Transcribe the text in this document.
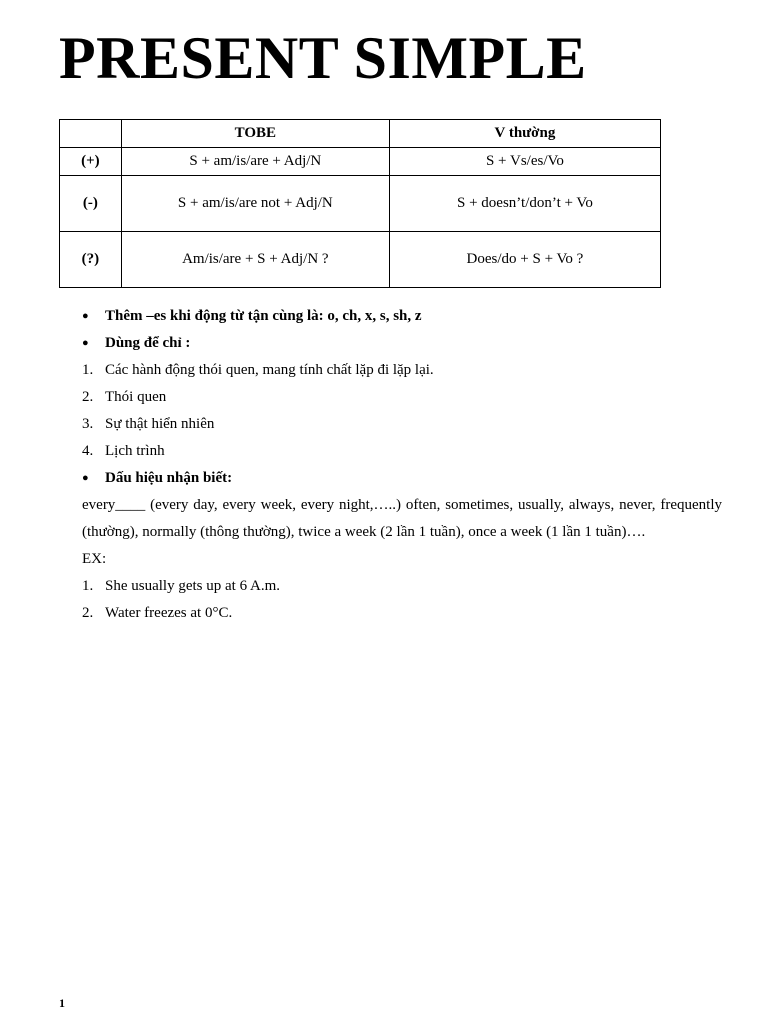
PRESENT SIMPLE
	TOBE	V thường
(+)	S + am/is/are + Adj/N	S + Vs/es/Vo
(-)	S + am/is/are not + Adj/N	S + doesn’t/don’t + Vo
(?)	Am/is/are + S + Adj/N ?	Does/do + S + Vo ?
● Thêm –es khi động từ tận cùng là: o, ch, x, s, sh, z
● Dùng để chỉ :
1. Các hành động thói quen, mang tính chất lặp đi lặp lại.
2. Thói quen
3. Sự thật hiển nhiên
4. Lịch trình
● Dấu hiệu nhận biết:

every____ (every day, every week, every night,…..) often, sometimes, usually, always, never, frequently (thường), normally (thông thường), twice a week (2 lần 1 tuần), once a week (1 lần 1 tuần)….

EX:
1. She usually gets up at 6 A.m.
2. Water freezes at 0°C.
1
